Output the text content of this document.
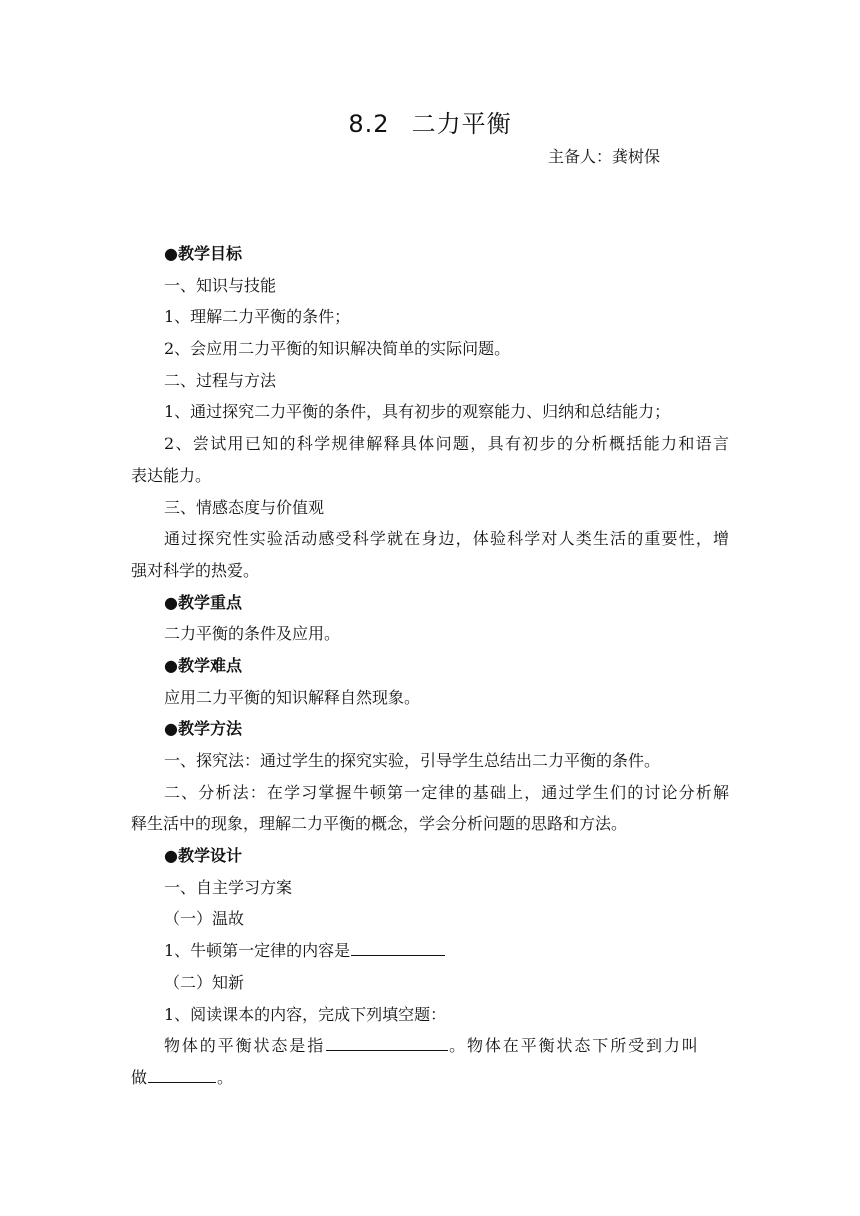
8.2 二力平衡
主备人：龚树保
●教学目标
一、知识与技能
1、理解二力平衡的条件；
2、会应用二力平衡的知识解决简单的实际问题。
二、过程与方法
1、通过探究二力平衡的条件，具有初步的观察能力、归纳和总结能力；
2、尝试用已知的科学规律解释具体问题，具有初步的分析概括能力和语言
表达能力。
三、情感态度与价值观
通过探究性实验活动感受科学就在身边，体验科学对人类生活的重要性，增
强对科学的热爱。
●教学重点
二力平衡的条件及应用。
●教学难点
应用二力平衡的知识解释自然现象。
●教学方法
一、探究法：通过学生的探究实验，引导学生总结出二力平衡的条件。
二、分析法：在学习掌握牛顿第一定律的基础上，通过学生们的讨论分析解
释生活中的现象，理解二力平衡的概念，学会分析问题的思路和方法。
●教学设计
一、自主学习方案
（一）温故
1、牛顿第一定律的内容是
（二）知新
1、阅读课本的内容，完成下列填空题：
物体的平衡状态是指	。物体在平衡状态下所受到力叫
做	。
